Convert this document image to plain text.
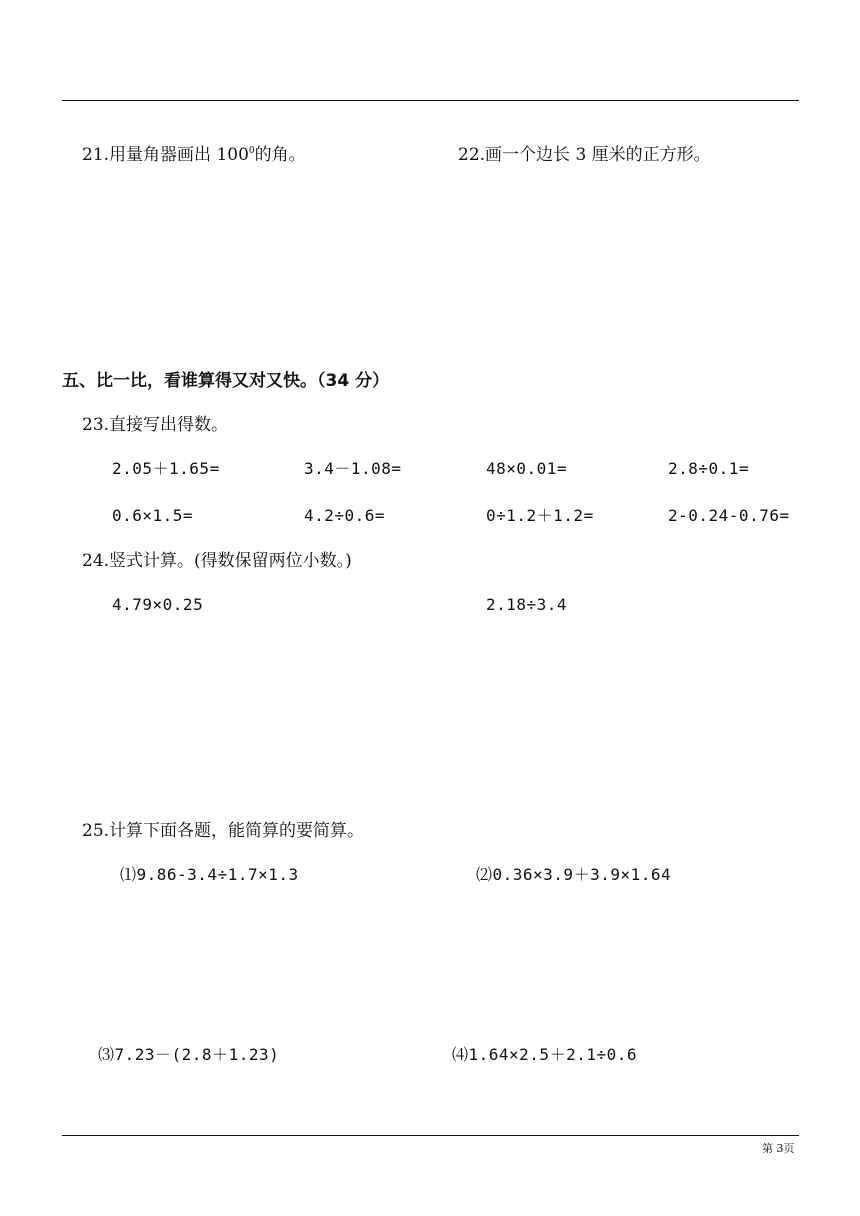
21.用量角器画出 $100^0$的角。	22.画一个边长 3 厘米的正方形。
五、比一比，看谁算得又对又快。（34 分）
23.直接写出得数。
2.05＋1.65=	3.4－1.08=	48×0.01=	2.8÷0.1=
0.6×1.5=	4.2÷0.6=	0÷1.2＋1.2=	2-0.24-0.76=
24.竖式计算。(得数保留两位小数。)
4.79×0.25	2.18÷3.4
25.计算下面各题，能简算的要简算。
⑴9.86-3.4÷1.7×1.3	⑵0.36×3.9＋3.9×1.64
⑶7.23－(2.8＋1.23)	⑷1.64×2.5＋2.1÷0.6
第 3页
